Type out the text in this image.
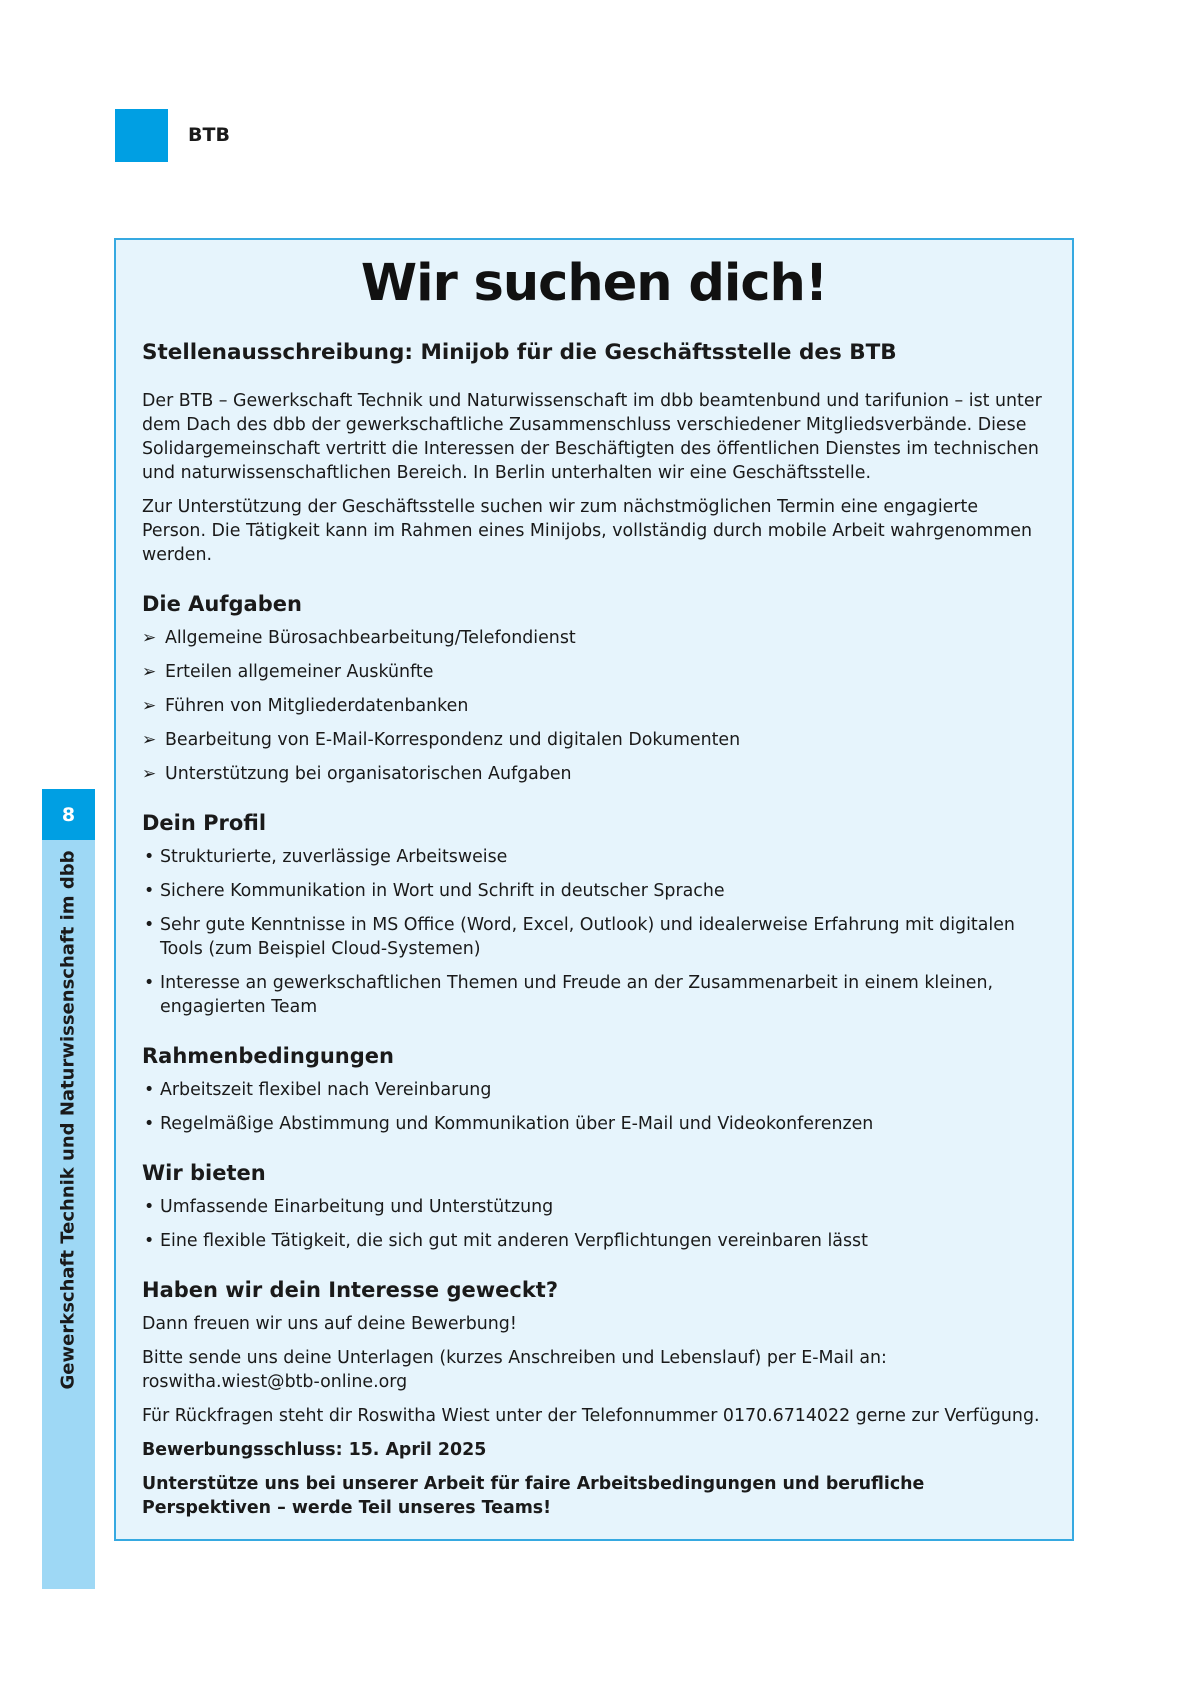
BTB
8
Gewerkschaft Technik und Naturwissenschaft im dbb
Wir suchen dich!
Stellenausschreibung: Minijob für die Geschäftsstelle des BTB

Der BTB – Gewerkschaft Technik und Naturwissenschaft im dbb beamtenbund und tarifunion – ist unter dem Dach des dbb der gewerkschaftliche Zusammenschluss verschiedener Mitgliedsverbände. Diese Solidargemeinschaft vertritt die Interessen der Beschäftigten des öffentlichen Dienstes im technischen und naturwissenschaftlichen Bereich. In Berlin unterhalten wir eine Geschäftsstelle.

Zur Unterstützung der Geschäftsstelle suchen wir zum nächstmöglichen Termin eine engagierte Person. Die Tätigkeit kann im Rahmen eines Minijobs, vollständig durch mobile Arbeit wahrgenommen werden.

Die Aufgaben
➢ Allgemeine Bürosachbearbeitung/Telefondienst
➢ Erteilen allgemeiner Auskünfte
➢ Führen von Mitgliederdatenbanken
➢ Bearbeitung von E-Mail-Korrespondenz und digitalen Dokumenten
➢ Unterstützung bei organisatorischen Aufgaben
Dein Profil
• Strukturierte, zuverlässige Arbeitsweise
• Sichere Kommunikation in Wort und Schrift in deutscher Sprache
• Sehr gute Kenntnisse in MS Office (Word, Excel, Outlook) und idealerweise Erfahrung mit digitalen Tools (zum Beispiel Cloud-Systemen)
• Interesse an gewerkschaftlichen Themen und Freude an der Zusammenarbeit in einem kleinen, engagierten Team
Rahmenbedingungen
• Arbeitszeit flexibel nach Vereinbarung
• Regelmäßige Abstimmung und Kommunikation über E-Mail und Videokonferenzen
Wir bieten
• Umfassende Einarbeitung und Unterstützung
• Eine flexible Tätigkeit, die sich gut mit anderen Verpflichtungen vereinbaren lässt
Haben wir dein Interesse geweckt?

Dann freuen wir uns auf deine Bewerbung!

Bitte sende uns deine Unterlagen (kurzes Anschreiben und Lebenslauf) per E-Mail an:
roswitha.wiest@btb-online.org

Für Rückfragen steht dir Roswitha Wiest unter der Telefonnummer 0170.6714022 gerne zur Verfügung.

Bewerbungsschluss: 15. April 2025

Unterstütze uns bei unserer Arbeit für faire Arbeitsbedingungen und berufliche Perspektiven – werde Teil unseres Teams!
